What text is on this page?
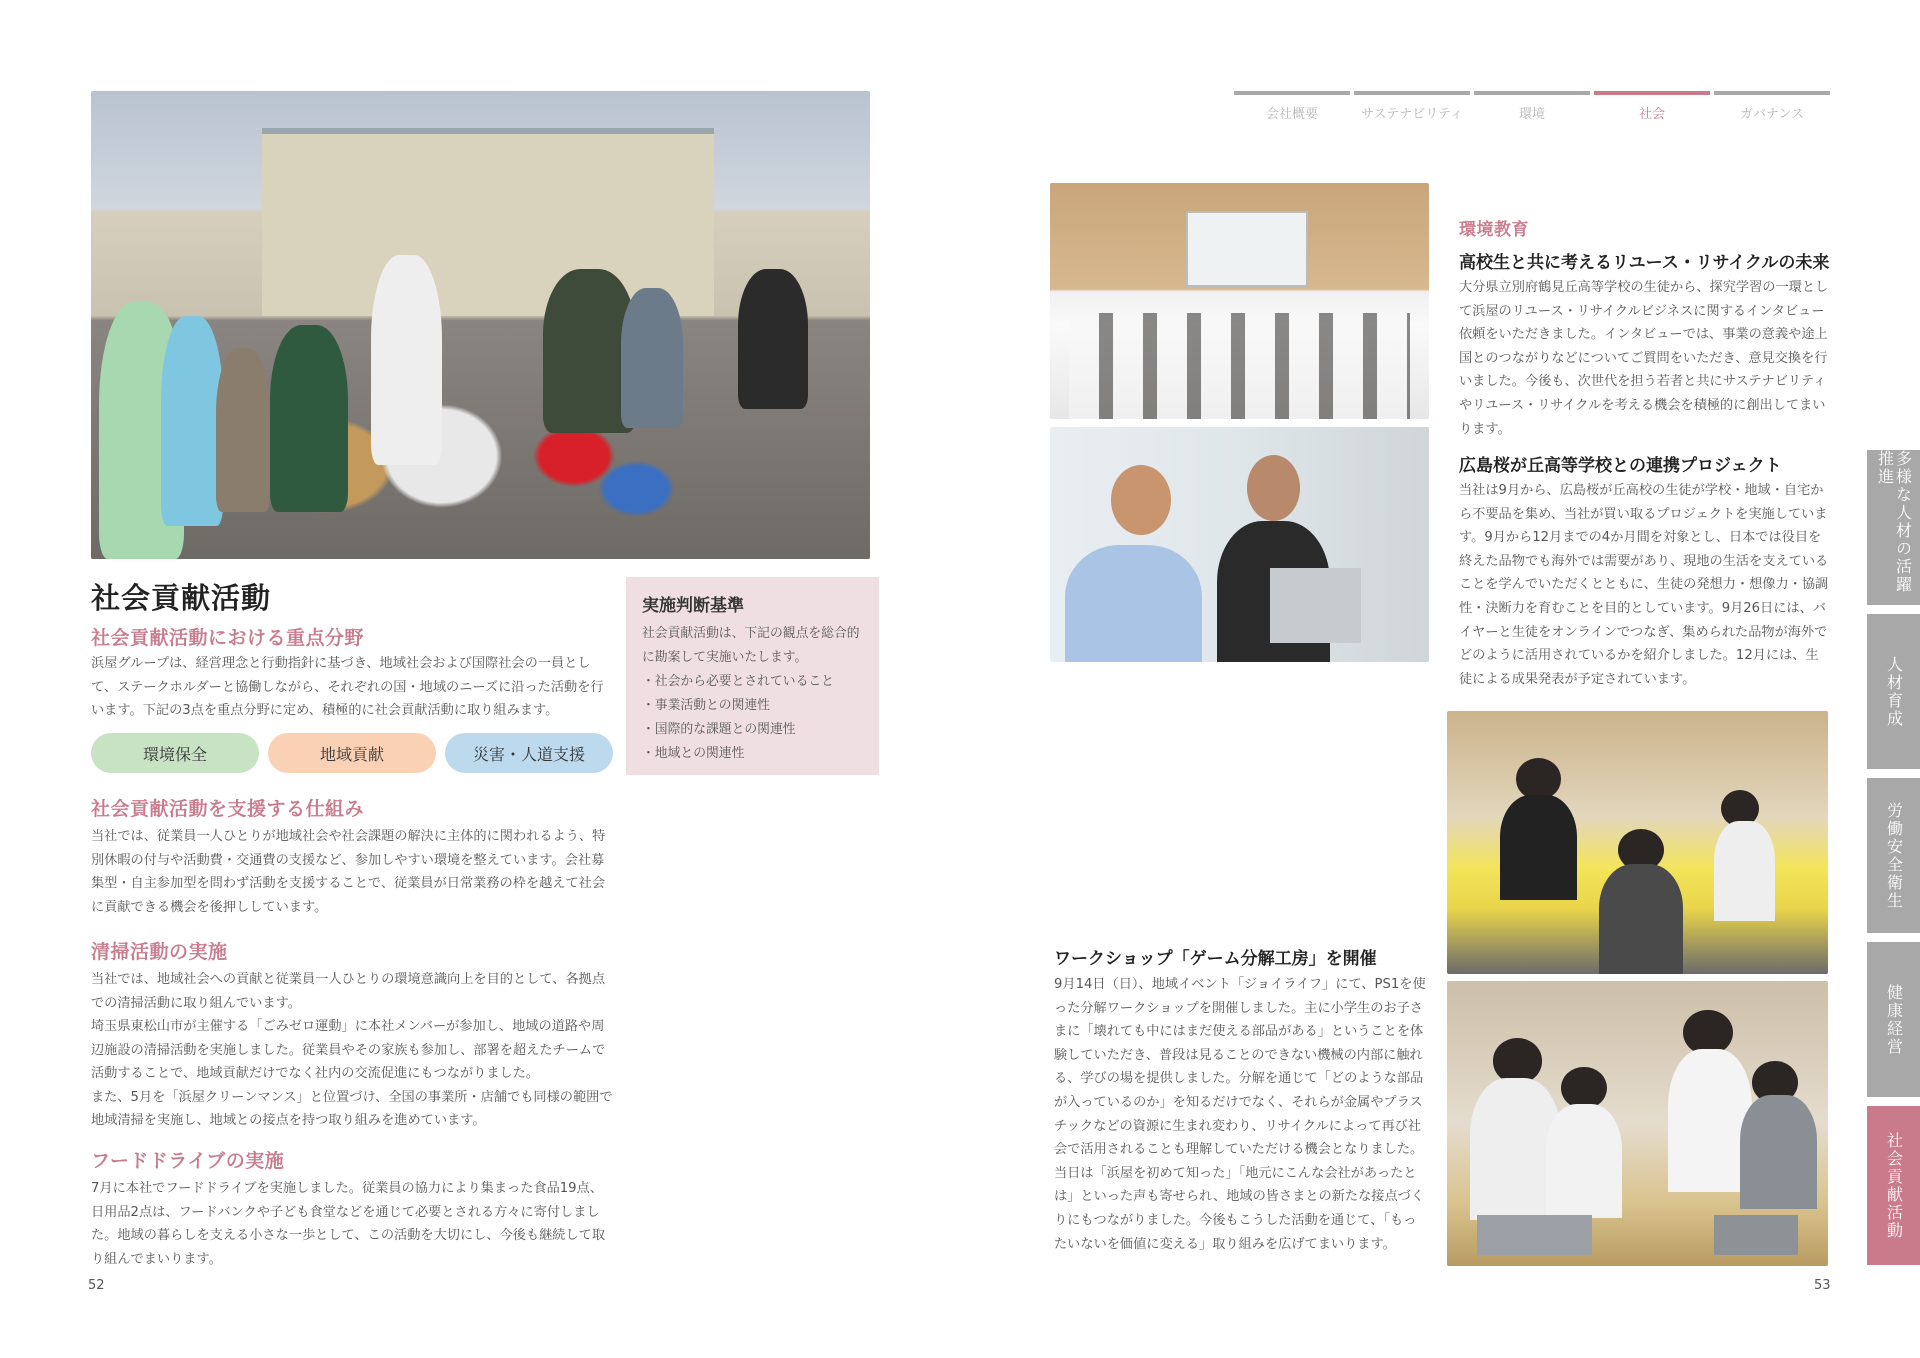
社会貢献活動
社会貢献活動における重点分野
浜屋グループは、経営理念と行動指針に基づき、地域社会および国際社会の一員として、ステークホルダーと協働しながら、それぞれの国・地域のニーズに沿った活動を行います。下記の3点を重点分野に定め、積極的に社会貢献活動に取り組みます。
環境保全	地域貢献	災害・人道支援
実施判断基準
社会貢献活動は、下記の観点を総合的に勘案して実施いたします。
・社会から必要とされていること
・事業活動との関連性
・国際的な課題との関連性
・地域との関連性
社会貢献活動を支援する仕組み
当社では、従業員一人ひとりが地域社会や社会課題の解決に主体的に関われるよう、特別休暇の付与や活動費・交通費の支援など、参加しやすい環境を整えています。会社募集型・自主参加型を問わず活動を支援することで、従業員が日常業務の枠を越えて社会に貢献できる機会を後押ししています。
清掃活動の実施
当社では、地域社会への貢献と従業員一人ひとりの環境意識向上を目的として、各拠点での清掃活動に取り組んでいます。
埼玉県東松山市が主催する「ごみゼロ運動」に本社メンバーが参加し、地域の道路や周辺施設の清掃活動を実施しました。従業員やその家族も参加し、部署を超えたチームで活動することで、地域貢献だけでなく社内の交流促進にもつながりました。
また、5月を「浜屋クリーンマンス」と位置づけ、全国の事業所・店舗でも同様の範囲で地域清掃を実施し、地域との接点を持つ取り組みを進めています。
フードドライブの実施
7月に本社でフードドライブを実施しました。従業員の協力により集まった食品19点、日用品2点は、フードバンクや子ども食堂などを通じて必要とされる方々に寄付しました。地域の暮らしを支える小さな一歩として、この活動を大切にし、今後も継続して取り組んでまいります。
52
会社概要	サステナビリティ	環境	社会	ガバナンス
環境教育
高校生と共に考えるリユース・リサイクルの未来
大分県立別府鶴見丘高等学校の生徒から、探究学習の一環として浜屋のリユース・リサイクルビジネスに関するインタビュー依頼をいただきました。インタビューでは、事業の意義や途上国とのつながりなどについてご質問をいただき、意見交換を行いました。今後も、次世代を担う若者と共にサステナビリティやリユース・リサイクルを考える機会を積極的に創出してまいります。
広島桜が丘高等学校との連携プロジェクト
当社は9月から、広島桜が丘高校の生徒が学校・地域・自宅から不要品を集め、当社が買い取るプロジェクトを実施しています。9月から12月までの4か月間を対象とし、日本では役目を終えた品物でも海外では需要があり、現地の生活を支えていることを学んでいただくとともに、生徒の発想力・想像力・協調性・決断力を育むことを目的としています。9月26日には、バイヤーと生徒をオンラインでつなぎ、集められた品物が海外でどのように活用されているかを紹介しました。12月には、生徒による成果発表が予定されています。
ワークショップ「ゲーム分解工房」を開催
9月14日（日）、地域イベント「ジョイライフ」にて、PS1を使った分解ワークショップを開催しました。主に小学生のお子さまに「壊れても中にはまだ使える部品がある」ということを体験していただき、普段は見ることのできない機械の内部に触れる、学びの場を提供しました。分解を通じて「どのような部品が入っているのか」を知るだけでなく、それらが金属やプラスチックなどの資源に生まれ変わり、リサイクルによって再び社会で活用されることも理解していただける機会となりました。当日は「浜屋を初めて知った」「地元にこんな会社があったとは」といった声も寄せられ、地域の皆さまとの新たな接点づくりにもつながりました。今後もこうした活動を通じて、「もったいないを価値に変える」取り組みを広げてまいります。
53
多様な人材の活躍推進
人材育成
労働安全衛生
健康経営
社会貢献活動
